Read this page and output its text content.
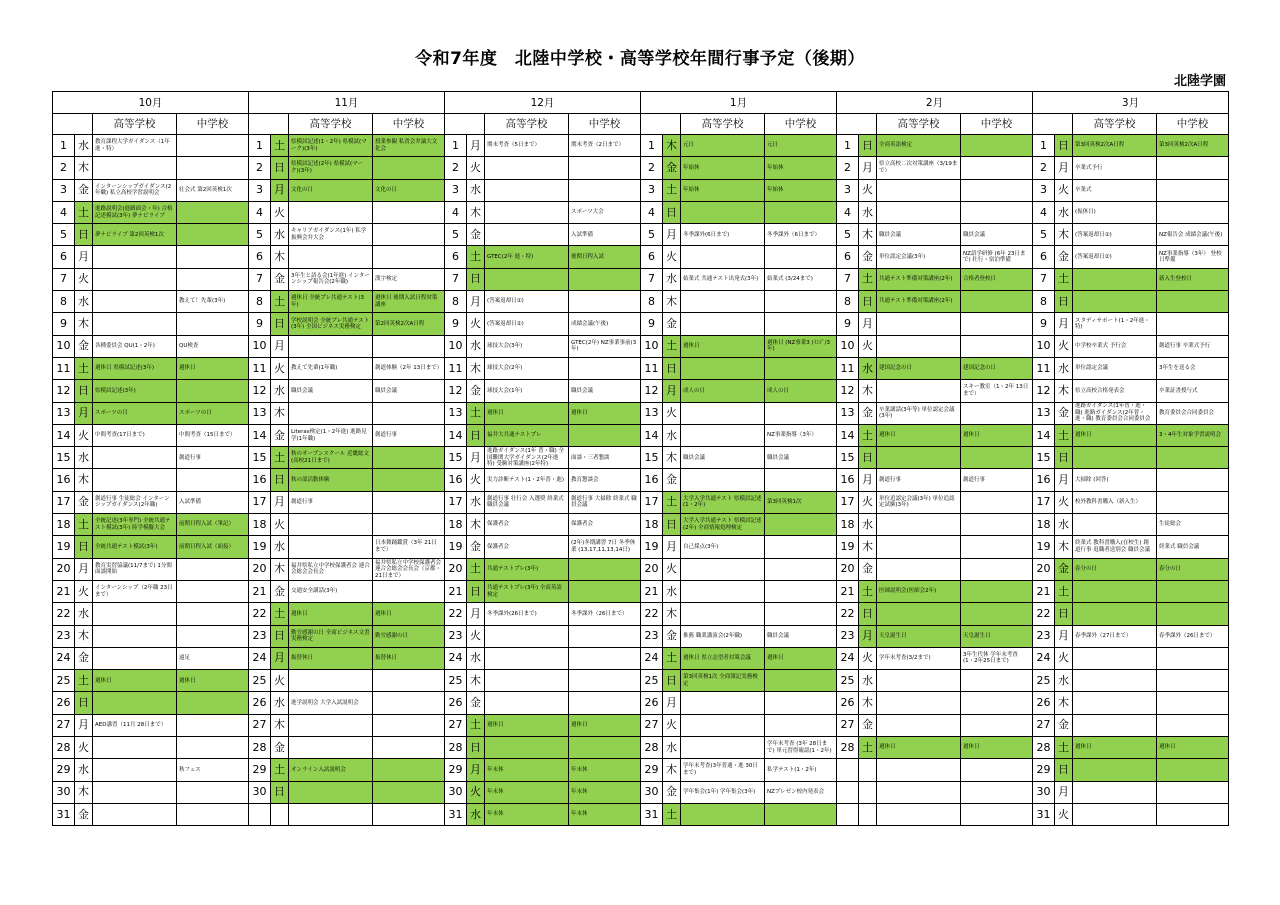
令和7年度　北陸中学校・高等学校年間行事予定（後期）
北陸学園
10月				11月				12月				1月				2月				3月			
		高等学校	中学校			高等学校	中学校			高等学校	中学校			高等学校	中学校			高等学校	中学校			高等学校	中学校
1	水	教育課程大学ガイダンス（1年進・特）		1	土	県模試記述(1・2年) 県模試(マーク)(3年)	授業参観 私責会弁論大文化会	1	月	期末考査（5日まで）	期末考査（2日まで）	1	木	元日	元日	1	日	全商英語検定		1	日	第3回英検2次A日程	第3回英検2次A日程
2	木			2	日	県模試記述(2年) 県模試(マーク)(3年)		2	火			2	金	年始休	年始休	2	月	県立高校二次対策講座（3/19まで）		2	月	卒業式予行	
3	金	インターンシップガイダンス(2年職) 私立高校学習説明会	壮会式 第2回英検1次	3	月	文化の日	文化の日	3	水			3	土	年始休	年始休	3	火			3	火	卒業式	
4	土	進路説明会(進路面会・年) 合格記述模試(3年) 夢ナビライブ		4	火			4	木		スポーツ大会	4	日			4	水			4	水	(振休日)	
5	日	夢ナビライブ 第2回英検1次		5	水	キャリアガイダンス(1年) 私学振興会弁大会		5	金		入試準備	5	月	冬季課外(6日まで)	冬季課外（6日まで）	5	木	職員会議	職員会議	5	木	(答案返却日①)	NZ報告会 成績会議(午後)
6	月			6	木			6	土	GTEC(2年 進・特)	後期日程入試	6	火			6	金	単位認定会議(3年)	NZ語学研修 (6年 23日まで) 壮行・宿泊準備	6	金	(答案返却日②)	NZ事業指導（3年） 登校日準備
7	火			7	金	3年生と語る会(1年進) インターンシップ報告会(2年職)	漢字検定	7	日			7	水	始業式 共通テスト出発式(3年)	始業式 (3/24まで)	7	土	共通テスト準備対策講座(2年)	合格者登校日	7	土		新入生登校日
8	水		教えて！先輩(3年)	8	土	週休日 全統プレ共通テスト(3年)	週休日 後期入試日程対策講座	8	月	(答案返却日①)		8	木			8	日	共通テスト準備対策講座(2年)		8	日		
9	木			9	日	学校説明会 全統プレ共通テスト(3年) 全国ビジネス実務検定	第2回英検2次A日程	9	火	(答案返却日②)	成績会議(午後)	9	金			9	月			9	月	スタディサポート(1・2年進・特)	
10	金	各種委員会 QU(1・2年)	QU検査	10	月			10	水	球技大会(3年)	GTEC(2年) NZ事業事前(3年)	10	土	週休日	週休日 (NZ事業3 (ｲﾝｼﾞ/3年)	10	火			10	火	中学校卒業式 予行会	創道行事 卒業式予行
11	土	週休日 県模試記述(3年)	週休日	11	火	教えて先輩(1年職)	創道体験（2年 13日まで）	11	木	球技大会(2年)		11	日			11	水	建国記念の日	建国記念の日	11	水	単位認定会議	3年生を送る会
12	日	県模試記述(3年)		12	水	職員会議	職員会議	12	金	球技大会(1年)	職員会議	12	月	成人の日	成人の日	12	木		スキー教室（1・2年 13日まで）	12	木	県立高校合格発表会	卒業証書授与式
13	月	スポーツの日	スポーツの日	13	木			13	土	週休日	週休日	13	火			13	金	卒業講話(3年等) 単位認定会議(3年)		13	金	進路ガイダンス(1年普・進・職) 進路ガイダンス(2年普・進・職) 教育委員会合同委員会	教育委員会合同委員会
14	火	中間考査(17日まで)	中間考査（15日まで）	14	金	Literas検定(1・2年進) 進路見学(1年職)	創道行事	14	日	福井大共通テストプレ		14	水		NZ事業指導（3年）	14	土	週休日	週休日	14	土	週休日	3・4年生対象学習説明会
15	水		創道行事	15	土	秋のオープンスクール 近畿総文(高校21日まで)		15	月	進路ガイダンス(1年 普・職) 全国難関大学ガイダンス(2年進特) 受験対策講座(2年特)	面談・三者懇談	15	木	職員会議	職員会議	15	日			15	日		
16	木			16	日	秋の部活動体験		16	火	実力診断テスト(1・2年普・進)	教育懇談会	16	金			16	月	創道行事	創道行事	16	月	大掃除 (回答)	
17	金	創道行事 生徒総会 インターンシップガイダンス(2年職)	入試準備	17	月	創道行事		17	水	創道行事 壮行会 入選奨 終業式 職員会議	創道行事 大掃除 終業式 職員会議	17	土	大学入学共通テスト 県模試記述(1・2年)	第3回英検1次	17	火	単位追認定会議(3年) 単位追認定試験(3年)		17	火	校外教科書購入（新入生）	
18	土	全統記述(3年専門) 全統共通テスト模試(3年) 陸学模擬大会	前期日程入試（筆記）	18	火			18	木	保護者会	保護者会	18	日	大学入学共通テスト 県模試記述(2年) 全商情報処理検定		18	水			18	水		生徒総会
19	日	全統共通テスト模試(3年)	前期日程入試（面接）	19	水		日本舞踊鑑賞（3年 21日まで）	19	金	保護者会	(2年)冬期講習 7日 冬季休業 (13,17,11,13,14日)	19	月	自己採点(3年)		19	木			19	木	終業式 教科書購入(在校生) 創道行事 退職者送別会 職員会議	終業式 職員会議
20	月	教育実習協議(11/7まで) 1分間面談開始		20	木	福井県私立中学校保護者会 連合会総会会長会	福井県私立中学校保護者会 連合会総会会長会（京都・21日まで）	20	土	共通テストプレ(3年)		20	火			20	金			20	金	春分の日	春分の日
21	火	インターンシップ（2年職 23日まで）		21	金	交通安全講話(3年)		21	日	共通テストプレ(3年) 全商英語検定		21	水			21	土	医師説明会(医師会2年)		21	土		
22	水			22	土	週休日	週休日	22	月	冬季課外(26日まで)	冬季課外（26日まで）	22	木			22	日			22	日		
23	木			23	日	勤労感謝の日 全商ビジネス文書実務検定	勤労感謝の日	23	火			23	金	推薦 職業講演会(2年職)	職員会議	23	月	天皇誕生日	天皇誕生日	23	月	春季課外（27日まで）	春季課外（26日まで）
24	金		遠足	24	月	振替休日	振替休日	24	水			24	土	週休日 県立志望者対策会議	週休日	24	火	学年末考査(3/2まで)	3年生代休 学年末考査 (1・2年25日まで)	24	火		
25	土	週休日	週休日	25	火			25	木			25	日	第3回英検1次 全商簿記実務検定		25	水			25	水		
26	日			26	水	進学説明会 大学入試説明会		26	金			26	月			26	木			26	木		
27	月	AED講習（11月 28日まで）		27	木			27	土	週休日	週休日	27	火			27	金			27	金		
28	火			28	金			28	日			28	水		学年末考査 (3年 28日まで) 単元習得確認(1・2年)	28	土	週休日	週休日	28	土	週休日	週休日
29	水		秋フェス	29	土	オンライン入試説明会		29	月	年末休	年末休	29	木	学年末考査(3年普通・進 30日まで)	私学テスト(1・2年)					29	日		
30	木			30	日			30	火	年末休	年末休	30	金	学年集会(1年) 学年集会(3年)	NZプレゼン校内発表会					30	月		
31	金							31	水	年末休	年末休	31	土							31	火		
